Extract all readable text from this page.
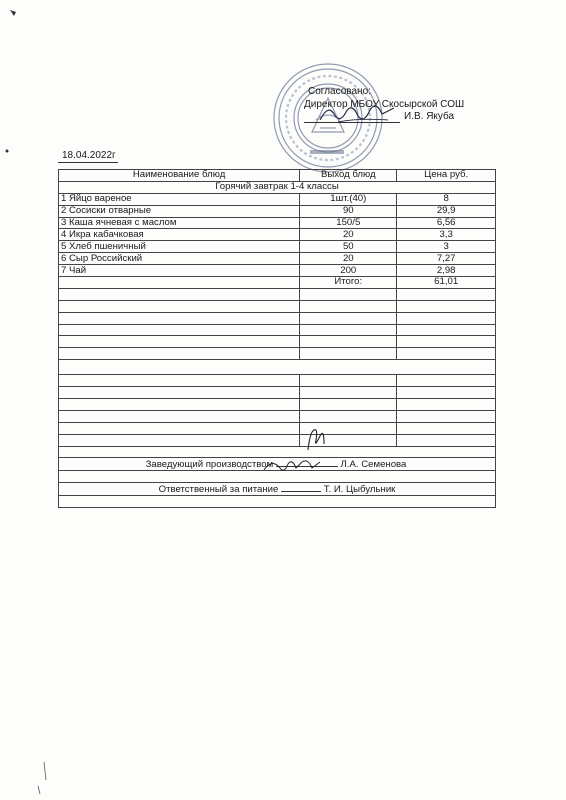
Согласовано:
Директор МБОУ Скосырской СОШ
И.В. Якуба
18.04.2022г
Наименование блюд	Выход блюд	Цена руб.
Горячий завтрак 1-4 классы		
1 Яйцо вареное	1шт.(40)	8
2 Сосиски отварные	90	29,9
3 Каша ячневая с маслом	150/5	6,56
4 Икра кабачковая	20	3,3
5 Хлеб пшеничный	50	3
6 Сыр Российский	20	7,27
7 Чай	200	2,98
	Итого:	61,01

Заведующий производством Л.А. Семенова		

Ответственный за питание Т. И. Цыбульник		
